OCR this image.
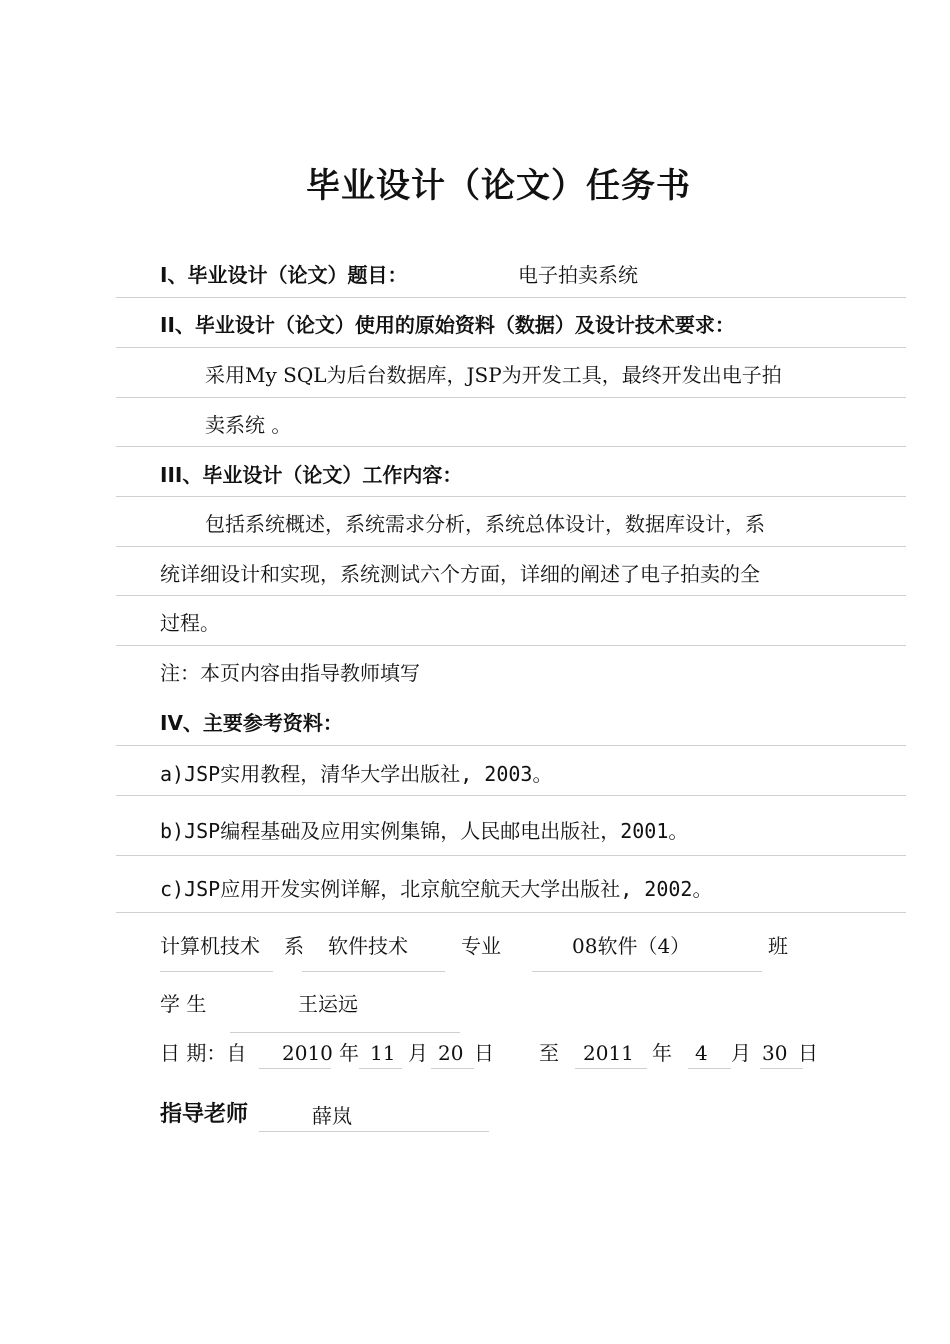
毕业设计（论文）任务书
I、毕业设计（论文）题目：	电子拍卖系统
II、毕业设计（论文）使用的原始资料（数据）及设计技术要求：
采用My SQL为后台数据库，JSP为开发工具，最终开发出电子拍
卖系统 。
III、毕业设计（论文）工作内容：
包括系统概述，系统需求分析，系统总体设计，数据库设计，系
统详细设计和实现，系统测试六个方面，详细的阐述了电子拍卖的全
过程。
注：本页内容由指导教师填写
IV、主要参考资料：
a)JSP实用教程，清华大学出版社, 2003。
b)JSP编程基础及应用实例集锦，人民邮电出版社，2001。
c)JSP应用开发实例详解，北京航空航天大学出版社, 2002。
计算机技术 系 软件技术	专业	08软件（4）	班
学 生	王运远
日 期：自 2010 年 11 月 20 日 至 2011 年 4 月 30 日
指导老师	薛岚
